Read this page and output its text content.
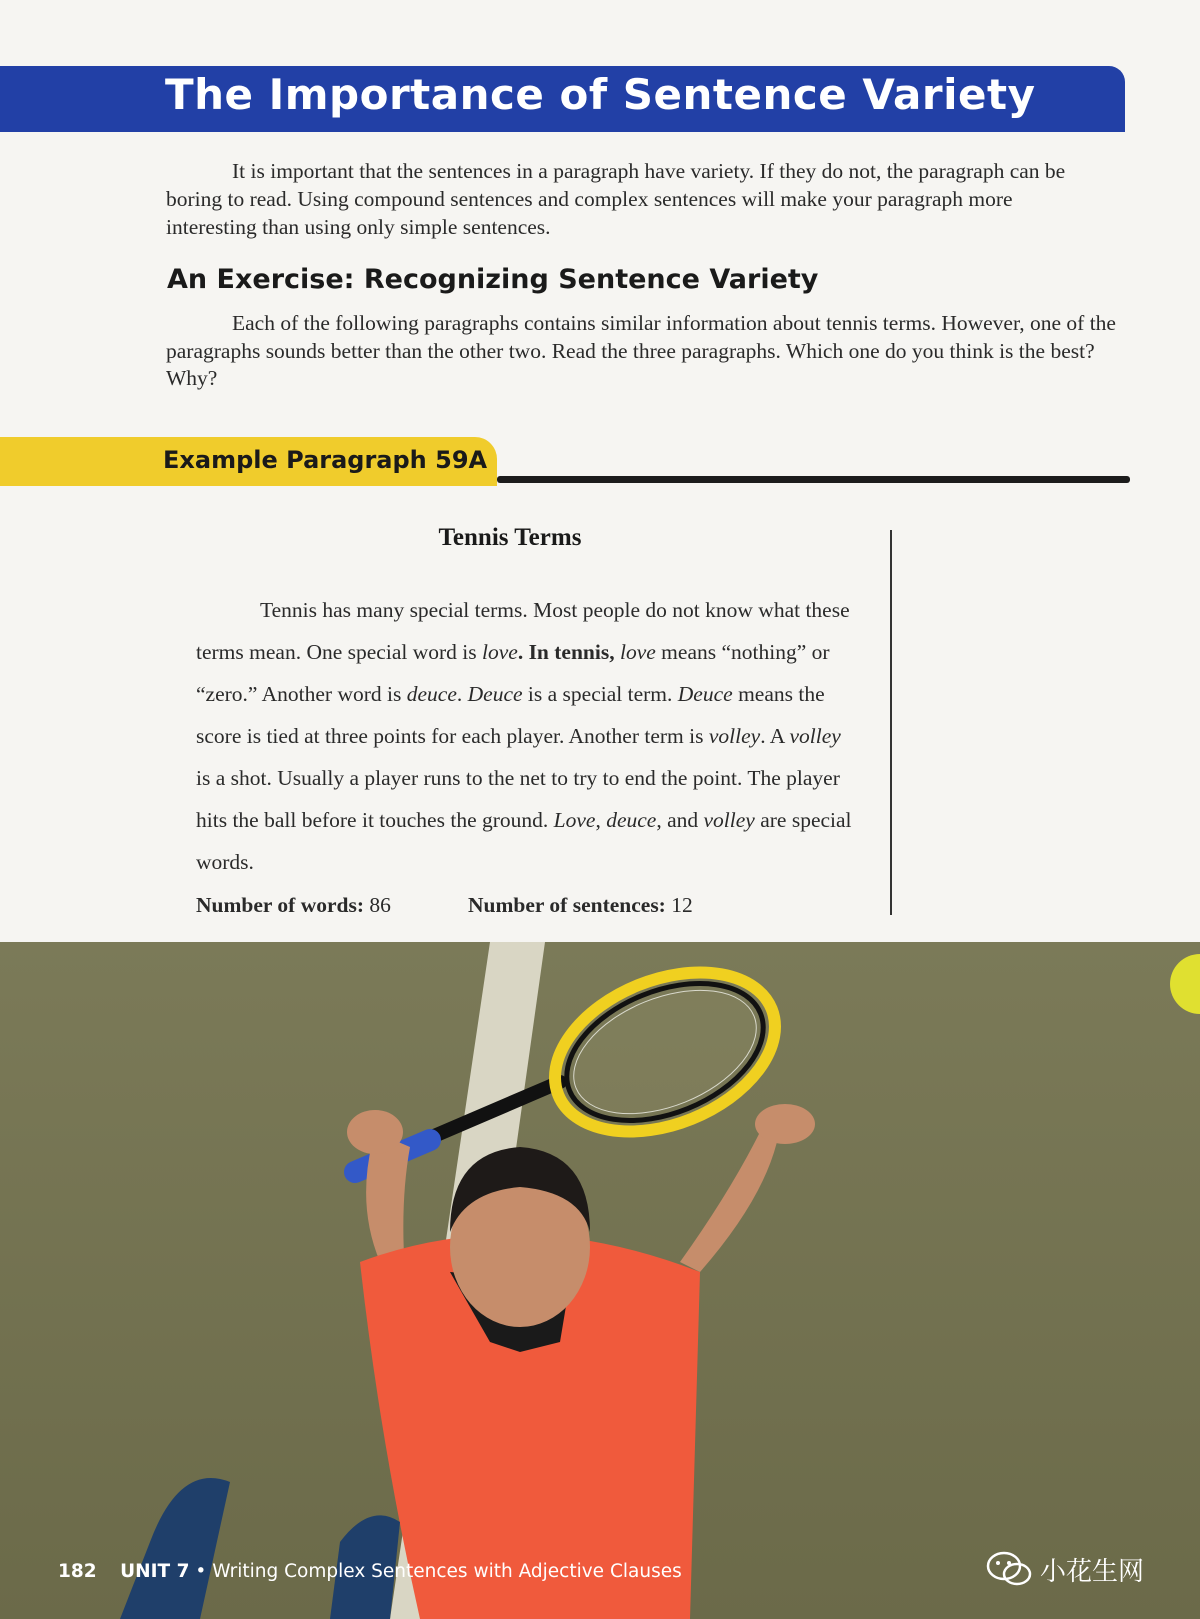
The Importance of Sentence Variety

It is important that the sentences in a paragraph have variety. If they do not, the paragraph can be boring to read. Using compound sentences and complex sentences will make your paragraph more interesting than using only simple sentences.

An Exercise: Recognizing Sentence Variety

Each of the following paragraphs contains similar information about tennis terms. However, one of the paragraphs sounds better than the other two. Read the three paragraphs. Which one do you think is the best? Why?

Example Paragraph 59A
Tennis Terms

Tennis has many special terms. Most people do not know what these terms mean. One special word is love. In tennis, love means “nothing” or “zero.” Another word is deuce. Deuce is a special term. Deuce means the score is tied at three points for each player. Another term is volley. A volley is a shot. Usually a player runs to the net to try to end the point. The player hits the ball before it touches the ground. Love, deuce, and volley are special words.

Number of words: 86	Number of sentences: 12
182 UNIT 7 • Writing Complex Sentences with Adjective Clauses	小花生网
